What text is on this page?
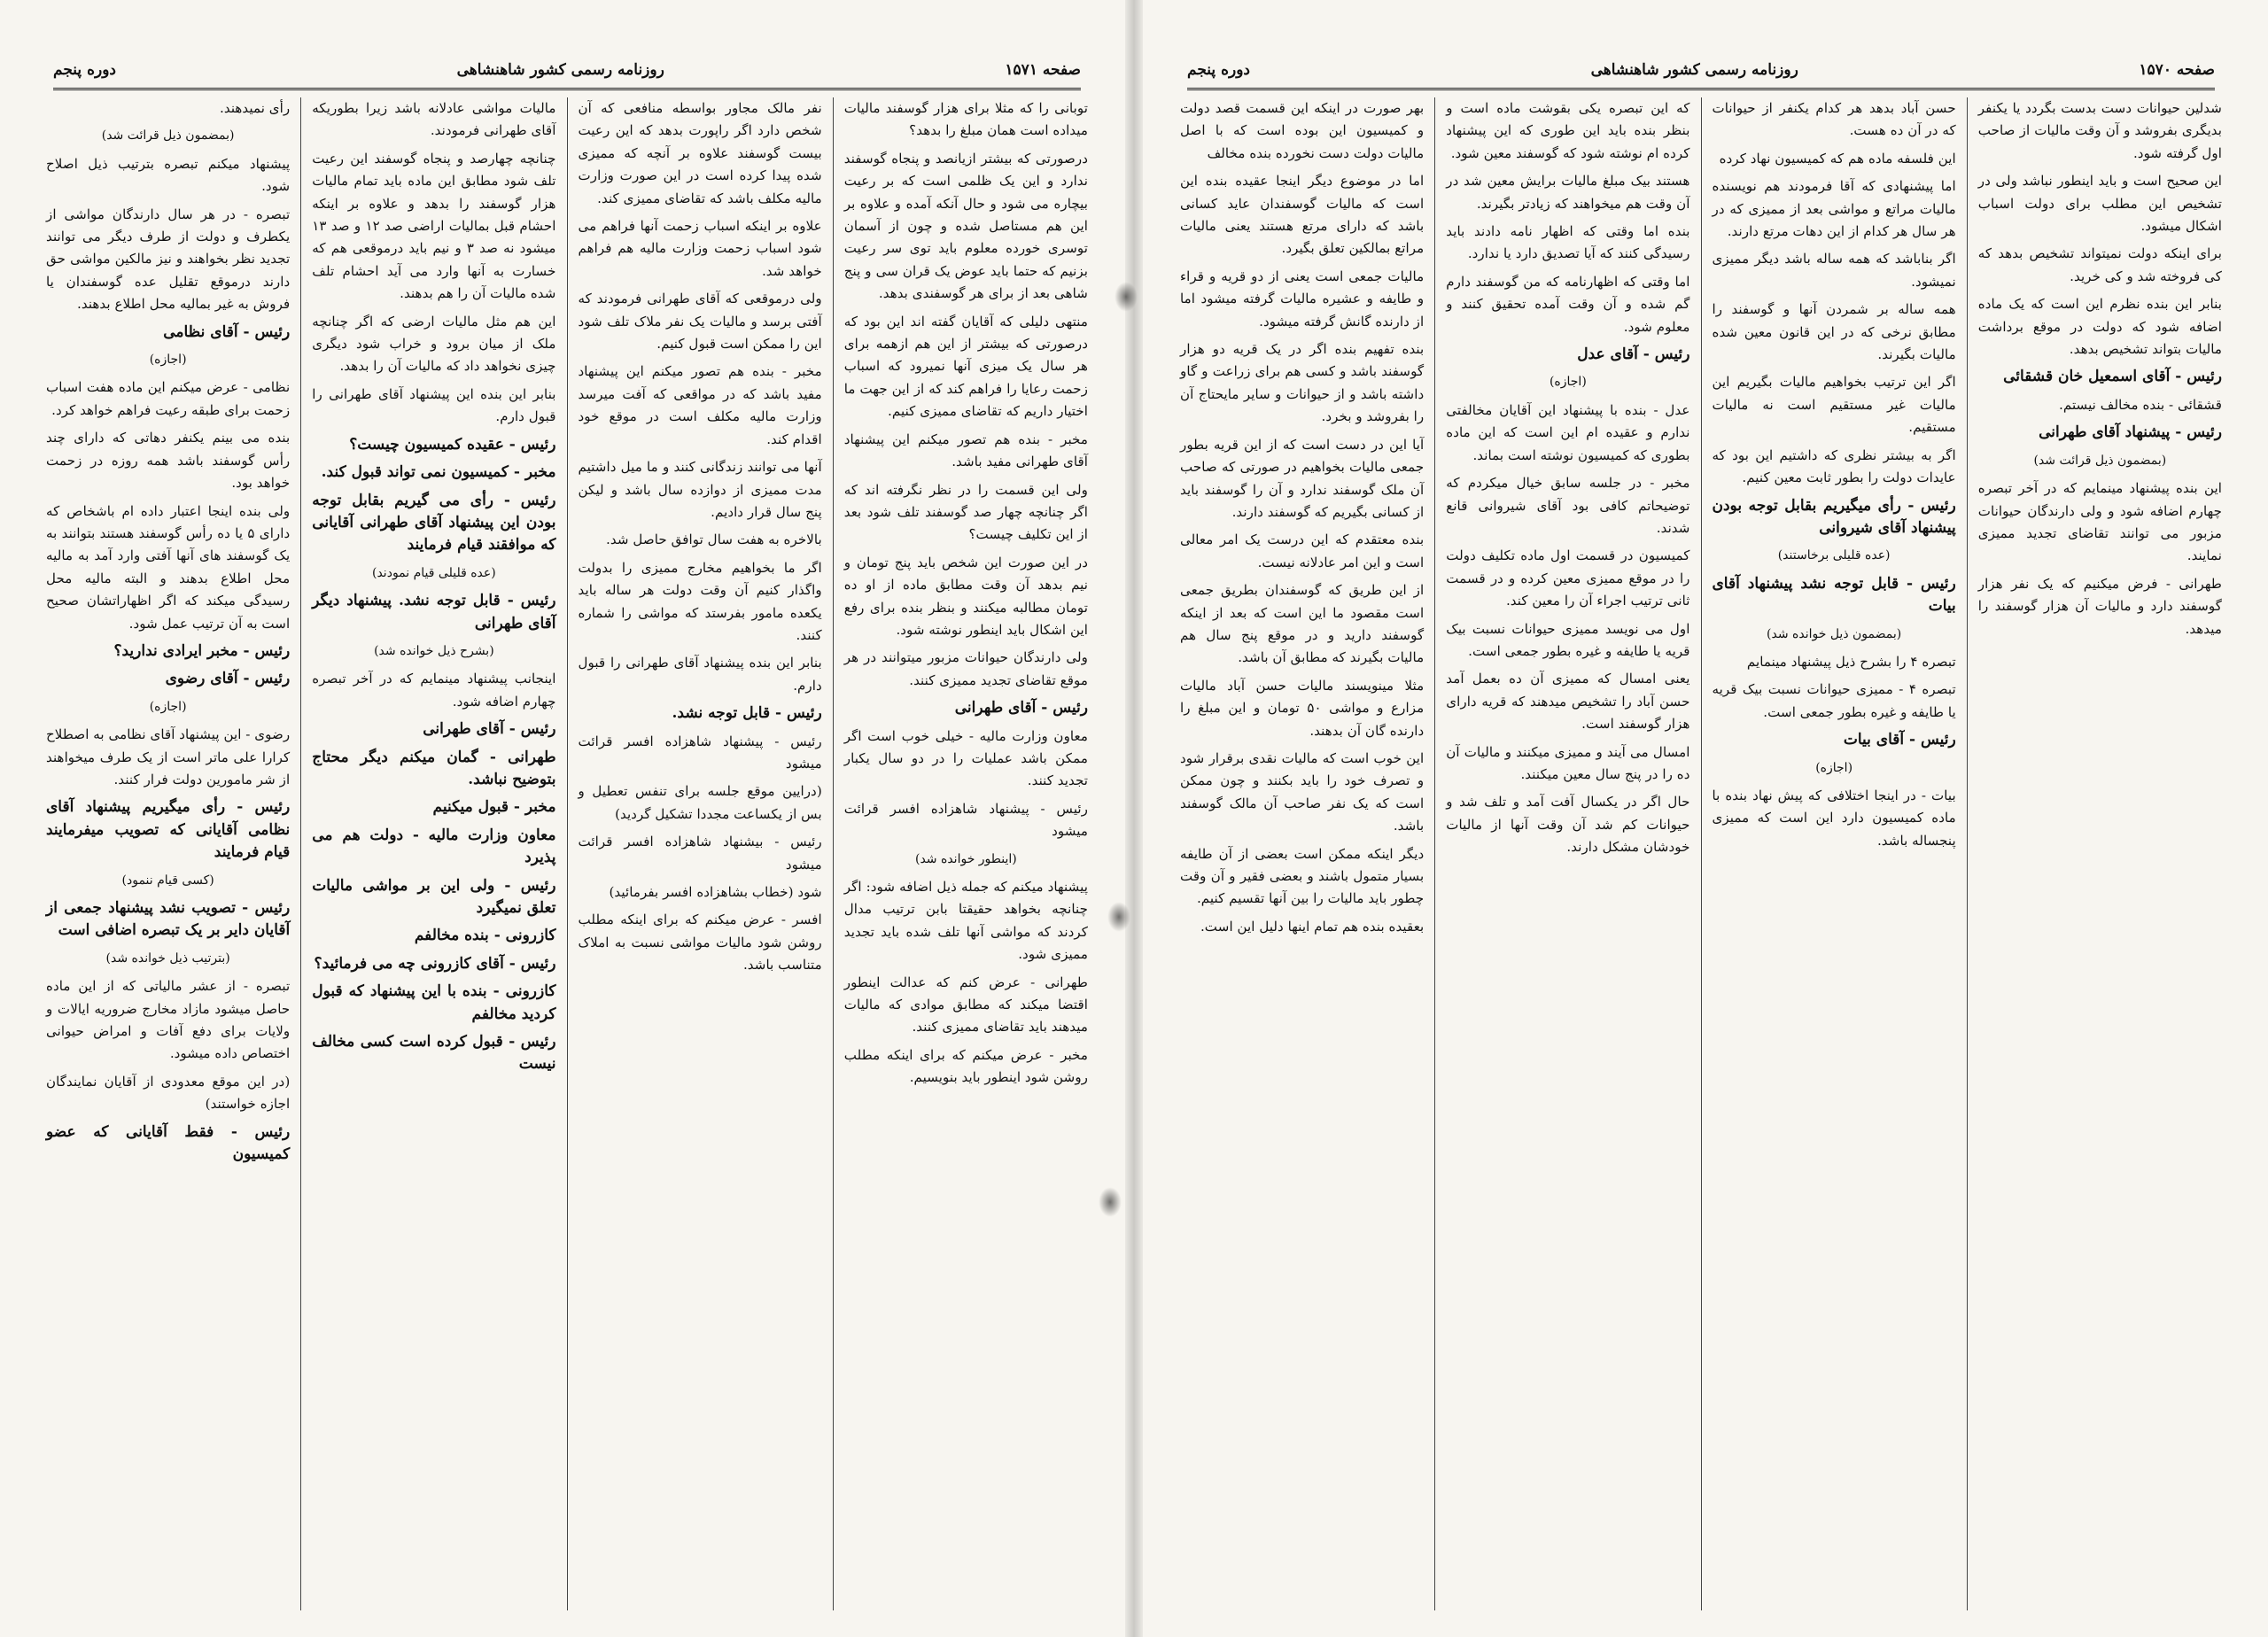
صفحه ۱۵۷۱
روزنامه رسمی کشور شاهنشاهی
دوره پنجم

توبانی را که مثلا برای هزار گوسفند مالیات میداده است همان مبلغ را بدهد؟

درصورتی که بیشتر ازیانصد و پنجاه گوسفند ندارد و این یک ظلمی است که بر رعیت بیچاره می شود و حال آنکه آمده و علاوه بر این هم مستاصل شده و چون از آسمان توسری خورده معلوم باید توی سر رعیت بزنیم که حتما باید عوض یک قران سی و پنج شاهی بعد از برای هر گوسفندی بدهد.

منتهی دلیلی که آقایان گفته اند این بود که درصورتی که بیشتر از این هم ازهمه برای هر سال یک میزی آنها نمیرود که اسباب زحمت رعایا را فراهم کند که از این جهت ما اختیار داریم که تقاضای ممیزی کنیم.

مخبر - بنده هم تصور میکنم این پیشنهاد آقای طهرانی مفید باشد.

ولی این قسمت را در نظر نگرفته اند که اگر چنانچه چهار صد گوسفند تلف شود بعد از این تکلیف چیست؟

در این صورت این شخص باید پنج تومان و نیم بدهد آن وقت مطابق ماده از او ده تومان مطالبه میکنند و بنظر بنده برای رفع این اشکال باید اینطور نوشته شود.

ولی دارندگان حیوانات مزبور میتوانند در هر موقع تقاضای تجدید ممیزی کنند.

رئیس - آقای طهرانی

معاون وزارت مالیه - خیلی خوب است اگر ممکن باشد عملیات را در دو سال یکبار تجدید کنند.

رئیس - پیشنهاد شاهزاده افسر قرائت میشود

(اینطور خوانده شد)

پیشنهاد میکنم که جمله ذیل اضافه شود: اگر چنانچه بخواهد حقیقتا بابن ترتیب مدال کردند که مواشی آنها تلف شده باید تجدید ممیزی شود.

طهرانی - عرض کنم که عدالت اینطور اقتضا میکند که مطابق موادی که مالیات میدهند باید تقاضای ممیزی کنند.

مخبر - عرض میکنم که برای اینکه مطلب روشن شود اینطور باید بنویسیم.

نفر مالک مجاور بواسطه منافعی که آن شخص دارد اگر راپورت بدهد که این رعیت بیست گوسفند علاوه بر آنچه که ممیزی شده پیدا کرده است در این صورت وزارت مالیه مکلف باشد که تقاضای ممیزی کند.

علاوه بر اینکه اسباب زحمت آنها فراهم می شود اسباب زحمت وزارت مالیه هم فراهم خواهد شد.

ولی درموقعی که آقای طهرانی فرمودند که آفتی برسد و مالیات یک نفر ملاک تلف شود این را ممکن است قبول کنیم.

مخبر - بنده هم تصور میکنم این پیشنهاد مفید باشد که در مواقعی که آفت میرسد وزارت مالیه مکلف است در موقع خود اقدام کند.

آنها می توانند زندگانی کنند و ما میل داشتیم مدت ممیزی از دوازده سال باشد و لیکن پنج سال قرار دادیم.

بالاخره به هفت سال توافق حاصل شد.

اگر ما بخواهیم مخارج ممیزی را بدولت واگذار کنیم آن وقت دولت هر ساله باید یکعده مامور بفرستد که مواشی را شماره کنند.

بنابر این بنده پیشنهاد آقای طهرانی را قبول دارم.

رئیس - قابل توجه نشد.

رئیس - پیشنهاد شاهزاده افسر قرائت میشود

(درایین موقع جلسه برای تنفس تعطیل و بس از یکساعت مجددا تشکیل گردید)

رئیس - بیشنهاد شاهزاده افسر قرائت میشود

شود (خطاب بشاهزاده افسر بفرمائید)

افسر - عرض میکنم که برای اینکه مطلب روشن شود مالیات مواشی نسبت به املاک متناسب باشد.

مالیات مواشی عادلانه باشد زیرا بطوریکه آقای طهرانی فرمودند.

چنانچه چهارصد و پنجاه گوسفند این رعیت تلف شود مطابق این ماده باید تمام مالیات هزار گوسفند را بدهد و علاوه بر اینکه احشام قبل بمالیات اراضی صد ۱۲ و صد ۱۳ میشود نه صد ۳ و نیم باید درموقعی هم که خسارت به آنها وارد می آید احشام تلف شده مالیات آن را هم بدهند.

این هم مثل مالیات ارضی که اگر چنانچه ملک از میان برود و خراب شود دیگری چیزی نخواهد داد که مالیات آن را بدهد.

بنابر این بنده این پیشنهاد آقای طهرانی را قبول دارم.

رئیس - عقیده کمیسیون چیست؟

مخبر - کمیسیون نمی تواند قبول کند.

رئیس - رأی می گیریم بقابل توجه بودن این پیشنهاد آقای طهرانی آقایانی که موافقند قیام فرمایند

(عده قلیلی قیام نمودند)

رئیس - قابل توجه نشد. پیشنهاد دیگر آقای طهرانی

(بشرح ذیل خوانده شد)

اینجانب پیشنهاد مینمایم که در آخر تبصره چهارم اضافه شود.

رئیس - آقای طهرانی

طهرانی - گمان میکنم دیگر محتاج بتوضیح نباشد.

مخبر - قبول میکنیم

معاون وزارت مالیه - دولت هم می پذیرد

رئیس - ولی این بر مواشی مالیات تعلق نمیگیرد

کازرونی - بنده مخالفم

رئیس - آقای کازرونی چه می فرمائید؟

کازرونی - بنده با این پیشنهاد که قبول کردید مخالفم

رئیس - قبول کرده است کسی مخالف نیست

رأی نمیدهند.

(بمضمون ذیل قرائت شد)

پیشنهاد میکنم تبصره بترتیب ذیل اصلاح شود.

تبصره - در هر سال دارندگان مواشی از یکطرف و دولت از طرف دیگر می توانند تجدید نظر بخواهند و نیز مالکین مواشی حق دارند درموقع تقلیل عده گوسفندان یا فروش به غیر بمالیه محل اطلاع بدهند.

رئیس - آقای نظامی

(اجازه)

نظامی - عرض میکنم این ماده هفت اسباب زحمت برای طبقه رعیت فراهم خواهد کرد.

بنده می بینم یکنفر دهاتی که دارای چند رأس گوسفند باشد همه روزه در زحمت خواهد بود.

ولی بنده اینجا اعتبار داده ام باشخاص که دارای ۵ یا ده رأس گوسفند هستند بتوانند به یک گوسفند های آنها آفتی وارد آمد به مالیه محل اطلاع بدهند و البته مالیه محل رسیدگی میکند که اگر اظهاراتشان صحیح است به آن ترتیب عمل شود.

رئیس - مخبر ایرادی ندارید؟

رئیس - آقای رضوی

(اجازه)

رضوی - این پیشنهاد آقای نظامی به اصطلاح کرارا علی ماتر است از یک طرف میخواهند از شر مامورین دولت فرار کنند.

رئیس - رأی میگیریم پیشنهاد آقای نظامی آقایانی که تصویب میفرمایند قیام فرمایند

(کسی قیام ننمود)

رئیس - تصویب نشد پیشنهاد جمعی از آقایان دایر بر یک تبصره اضافی است

(بترتیب ذیل خوانده شد)

تبصره - از عشر مالیاتی که از این ماده حاصل میشود مازاد مخارج ضروریه ایالات و ولایات برای دفع آفات و امراض حیوانی اختصاص داده میشود.

(در این موقع معدودی از آقایان نمایندگان اجازه خواستند)

رئیس - فقط آقایانی که عضو کمیسیون

صفحه ۱۵۷۰
روزنامه رسمی کشور شاهنشاهی
دوره پنجم

شدلین حیوانات دست بدست بگردد یا یکنفر بدیگری بفروشد و آن وقت مالیات از صاحب اول گرفته شود.

این صحیح است و باید اینطور نباشد ولی در تشخیص این مطلب برای دولت اسباب اشکال میشود.

برای اینکه دولت نمیتواند تشخیص بدهد که کی فروخته شد و کی خرید.

بنابر این بنده نظرم این است که یک ماده اضافه شود که دولت در موقع برداشت مالیات بتواند تشخیص بدهد.

رئیس - آقای اسمعیل خان قشقائی

قشقائی - بنده مخالف نیستم.

رئیس - پیشنهاد آقای طهرانی

(بمضمون ذیل قرائت شد)

این بنده پیشنهاد مینمایم که در آخر تبصره چهارم اضافه شود و ولی دارندگان حیوانات مزبور می توانند تقاضای تجدید ممیزی نمایند.

طهرانی - فرض میکنیم که یک نفر هزار گوسفند دارد و مالیات آن هزار گوسفند را میدهد.

حسن آباد بدهد هر کدام یکنفر از حیوانات که در آن ده هست.

این فلسفه ماده هم که کمیسیون نهاد کرده

اما پیشنهادی که آقا فرمودند هم نویسنده مالیات مراتع و مواشی بعد از ممیزی که در هر سال هر کدام از این دهات مرتع دارند.

اگر بناباشد که همه ساله باشد دیگر ممیزی نمیشود.

همه ساله بر شمردن آنها و گوسفند را مطابق نرخی که در این قانون معین شده مالیات بگیرند.

اگر این ترتیب بخواهیم مالیات بگیریم این مالیات غیر مستقیم است نه مالیات مستقیم.

اگر به بیشتر نظری که داشتیم این بود که عایدات دولت را بطور ثابت معین کنیم.

رئیس - رأی میگیریم بقابل توجه بودن پیشنهاد آقای شیروانی

(عده قلیلی برخاستند)

رئیس - قابل توجه نشد پیشنهاد آقای بیات

(بمضمون ذیل خوانده شد)

تبصره ۴ را بشرح ذیل پیشنهاد مینمایم

تبصره ۴ - ممیزی حیوانات نسبت بیک قریه یا طایفه و غیره بطور جمعی است.

رئیس - آقای بیات

(اجازه)

بیات - در اینجا اختلافی که پیش نهاد بنده با ماده کمیسیون دارد این است که ممیزی پنجساله باشد.

که این تبصره یکی بقوشت ماده است و بنظر بنده باید این طوری که این پیشنهاد کرده ام نوشته شود که گوسفند معین شود.

هستند بیک مبلغ مالیات برایش معین شد در آن وقت هم میخواهند که زیادتر بگیرند.

بنده اما وقتی که اظهار نامه دادند باید رسیدگی کنند که آیا تصدیق دارد یا ندارد.

اما وقتی که اظهارنامه که من گوسفند دارم گم شده و آن وقت آمده تحقیق کنند و معلوم شود.

رئیس - آقای عدل

(اجازه)

عدل - بنده با پیشنهاد این آقایان مخالفتی ندارم و عقیده ام این است که این ماده بطوری که کمیسیون نوشته است بماند.

مخبر - در جلسه سابق خیال میکردم که توضیحاتم کافی بود آقای شیروانی قانع شدند.

کمیسیون در قسمت اول ماده تکلیف دولت را در موقع ممیزی معین کرده و در قسمت ثانی ترتیب اجراء آن را معین کند.

اول می نویسد ممیزی حیوانات نسبت بیک قریه یا طایفه و غیره بطور جمعی است.

یعنی امسال که ممیزی آن ده بعمل آمد حسن آباد را تشخیص میدهند که قریه دارای هزار گوسفند است.

امسال می آیند و ممیزی میکنند و مالیات آن ده را در پنج سال معین میکنند.

حال اگر در یکسال آفت آمد و تلف شد و حیوانات کم شد آن وقت آنها از مالیات خودشان مشکل دارند.

بهر صورت در اینکه این قسمت قصد دولت و کمیسیون این بوده است که با اصل مالیات دولت دست نخورده بنده مخالف

اما در موضوع دیگر اینجا عقیده بنده این است که مالیات گوسفندان عاید کسانی باشد که دارای مرتع هستند یعنی مالیات مراتع بمالکین تعلق بگیرد.

مالیات جمعی است یعنی از دو قریه و قراء و طایفه و عشیره مالیات گرفته میشود اما از دارنده گانش گرفته میشود.

بنده تفهیم بنده اگر در یک قریه دو هزار گوسفند باشد و کسی هم برای زراعت و گاو داشته باشد و از حیوانات و سایر مایحتاج آن را بفروشد و بخرد.

آیا این در دست است که از این قریه بطور جمعی مالیات بخواهیم در صورتی که صاحب آن ملک گوسفند ندارد و آن را گوسفند باید از کسانی بگیریم که گوسفند دارند.

بنده معتقدم که این درست یک امر معالی است و این امر عادلانه نیست.

از این طریق که گوسفندان بطریق جمعی است مقصود ما این است که بعد از اینکه گوسفند دارید و در موقع پنج سال هم مالیات بگیرند که مطابق آن باشد.

مثلا مینویسند مالیات حسن آباد مالیات مزارع و مواشی ۵۰ تومان و این مبلغ را دارنده گان آن بدهند.

این خوب است که مالیات نقدی برقرار شود و تصرف خود را باید بکنند و چون ممکن است که یک نفر صاحب آن مالک گوسفند باشد.

دیگر اینکه ممکن است بعضی از آن طایفه بسیار متمول باشند و بعضی فقیر و آن وقت چطور باید مالیات را بین آنها تقسیم کنیم.

بعقیده بنده هم تمام اینها دلیل این است.
